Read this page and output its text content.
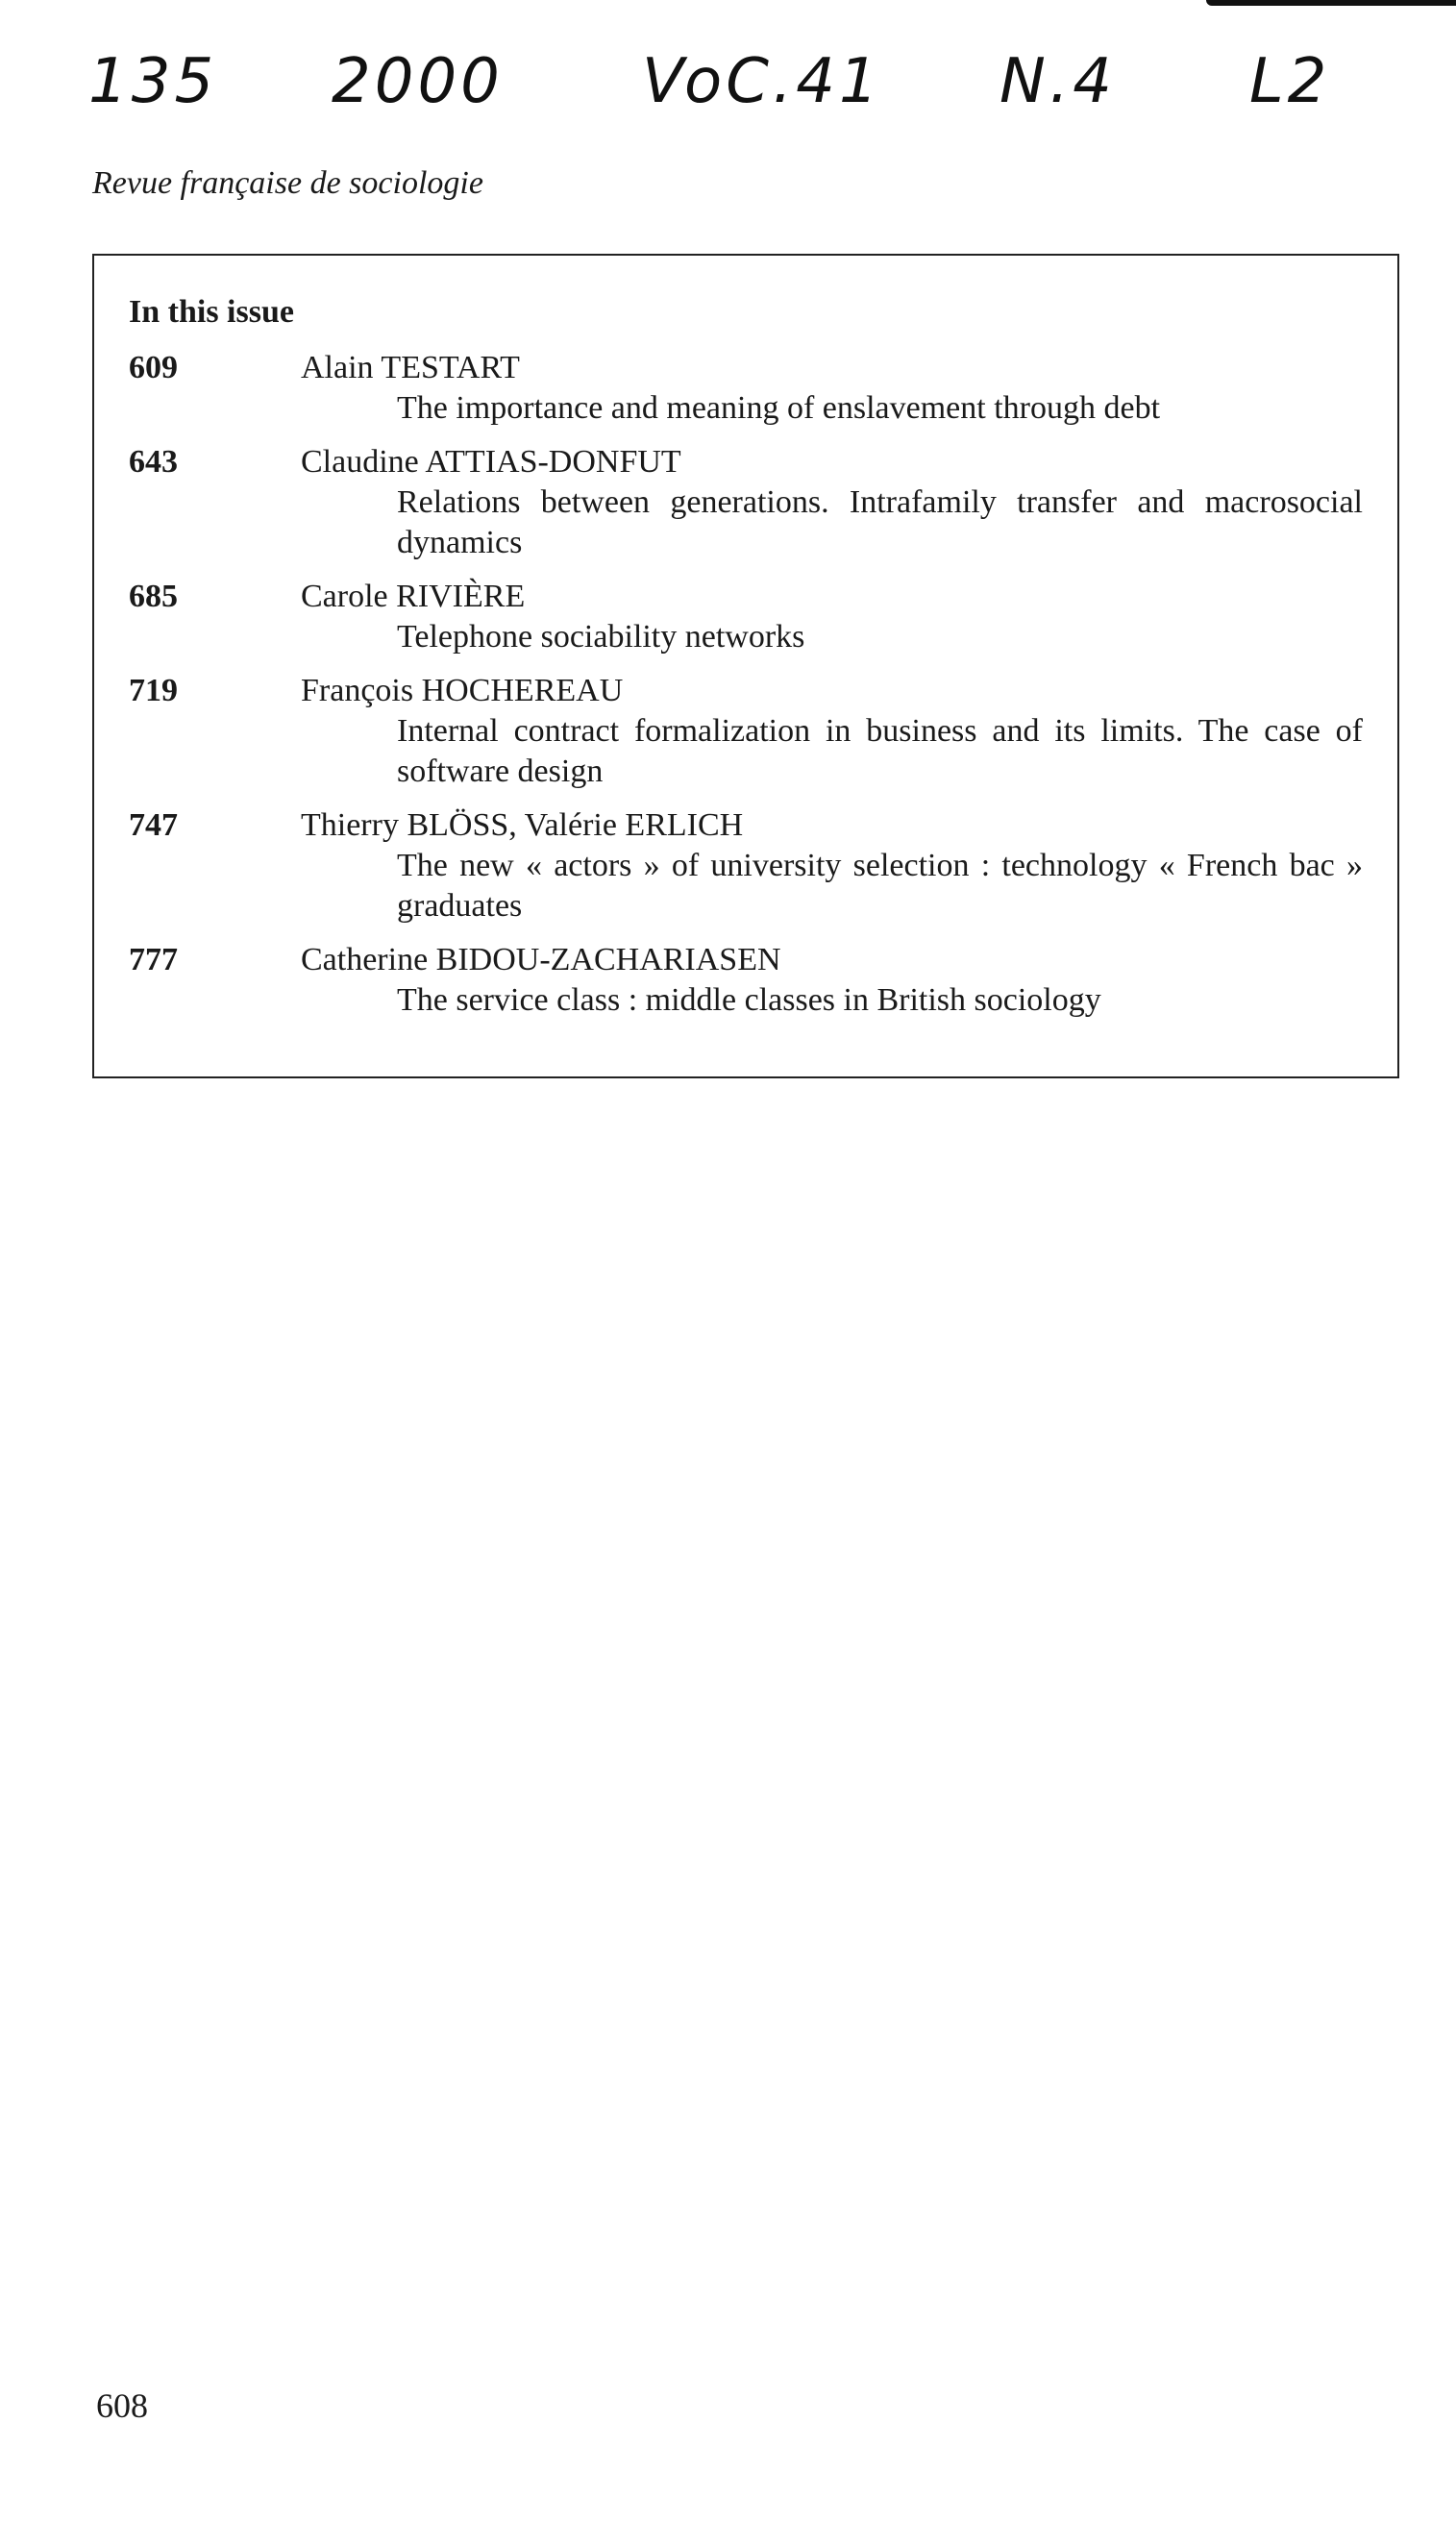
135 2000 VoC.41 N.4 L2
Revue française de sociologie
In this issue
609	Alain TESTART
The importance and meaning of enslavement through debt
643	Claudine ATTIAS-DONFUT
Relations between generations. Intrafamily transfer and macrosocial dynamics
685	Carole RIVIÈRE
Telephone sociability networks
719	François HOCHEREAU
Internal contract formalization in business and its limits. The case of software design
747	Thierry BLÖSS, Valérie ERLICH
The new « actors » of university selection : technology « French bac » graduates
777	Catherine BIDOU-ZACHARIASEN
The service class : middle classes in British sociology
608
